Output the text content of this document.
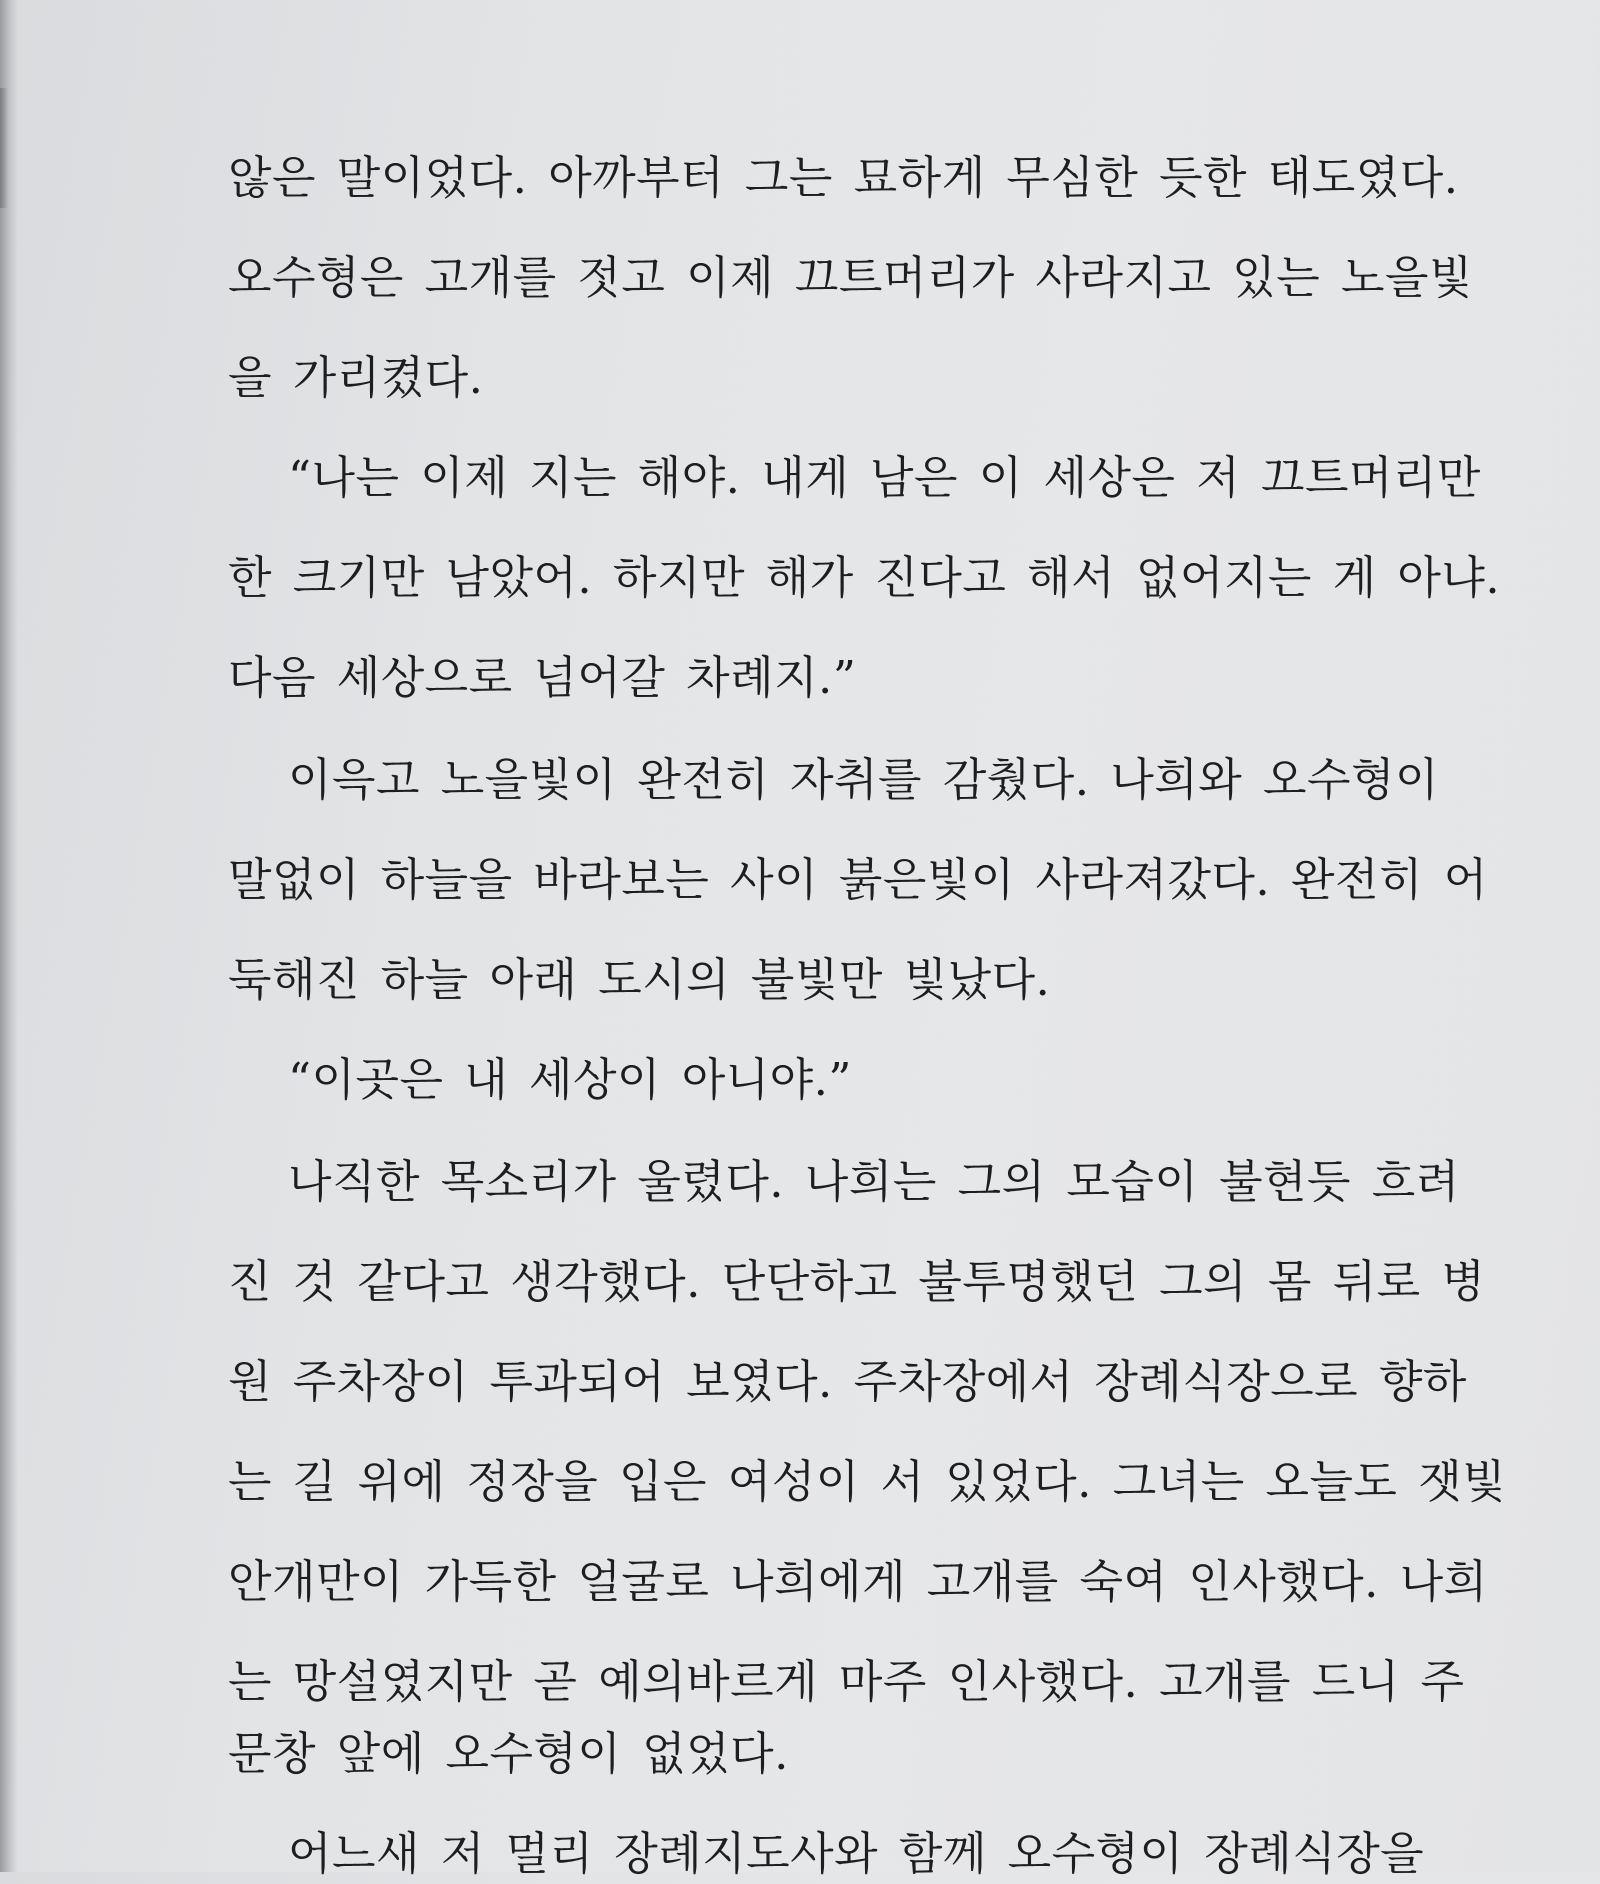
않은 말이었다. 아까부터 그는 묘하게 무심한 듯한 태도였다.
오수형은 고개를 젓고 이제 끄트머리가 사라지고 있는 노을빛
을 가리켰다.
“나는 이제 지는 해야. 내게 남은 이 세상은 저 끄트머리만
한 크기만 남았어. 하지만 해가 진다고 해서 없어지는 게 아냐.
다음 세상으로 넘어갈 차례지.”
이윽고 노을빛이 완전히 자취를 감췄다. 나희와 오수형이
말없이 하늘을 바라보는 사이 붉은빛이 사라져갔다. 완전히 어
둑해진 하늘 아래 도시의 불빛만 빛났다.
“이곳은 내 세상이 아니야.”
나직한 목소리가 울렸다. 나희는 그의 모습이 불현듯 흐려
진 것 같다고 생각했다. 단단하고 불투명했던 그의 몸 뒤로 병
원 주차장이 투과되어 보였다. 주차장에서 장례식장으로 향하
는 길 위에 정장을 입은 여성이 서 있었다. 그녀는 오늘도 잿빛
안개만이 가득한 얼굴로 나희에게 고개를 숙여 인사했다. 나희
는 망설였지만 곧 예의바르게 마주 인사했다. 고개를 드니 주
문창 앞에 오수형이 없었다.
어느새 저 멀리 장례지도사와 함께 오수형이 장례식장을
